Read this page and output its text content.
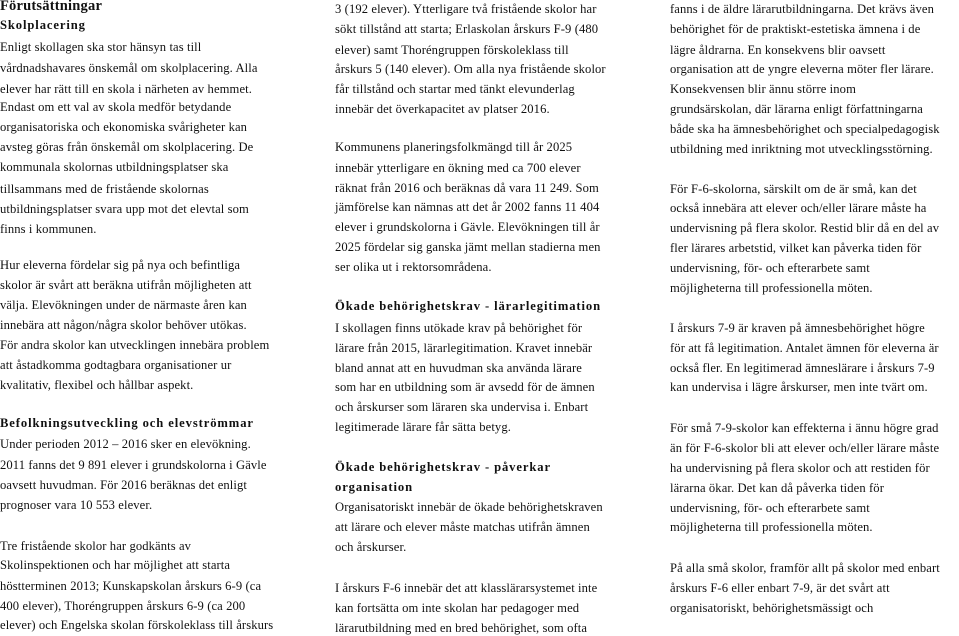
Förutsättningar
Skolplacering
Enligt skollagen ska stor hänsyn tas till
vårdnadshavares önskemål om skolplacering. Alla
elever har rätt till en skola i närheten av hemmet.
Endast om ett val av skola medför betydande
organisatoriska och ekonomiska svårigheter kan
avsteg göras från önskemål om skolplacering. De
kommunala skolornas utbildningsplatser ska
tillsammans med de fristående skolornas
utbildningsplatser svara upp mot det elevtal som
finns i kommunen.
Hur eleverna fördelar sig på nya och befintliga
skolor är svårt att beräkna utifrån möjligheten att
välja. Elevökningen under de närmaste åren kan
innebära att någon/några skolor behöver utökas.
För andra skolor kan utvecklingen innebära problem
att åstadkomma godtagbara organisationer ur
kvalitativ, flexibel och hållbar aspekt.
Befolkningsutveckling och elevströmmar
Under perioden 2012 – 2016 sker en elevökning.
2011 fanns det 9 891 elever i grundskolorna i Gävle
oavsett huvudman. För 2016 beräknas det enligt
prognoser vara 10 553 elever.
Tre fristående skolor har godkänts av
Skolinspektionen och har möjlighet att starta
höstterminen 2013; Kunskapskolan årskurs 6-9 (ca
400 elever), Thoréngruppen årskurs 6-9 (ca 200
elever) och Engelska skolan förskoleklass till årskurs
3 (192 elever). Ytterligare två fristående skolor har
sökt tillstånd att starta; Erlaskolan årskurs F-9 (480
elever) samt Thoréngruppen förskoleklass till
årskurs 5 (140 elever). Om alla nya fristående skolor
får tillstånd och startar med tänkt elevunderlag
innebär det överkapacitet av platser 2016.
Kommunens planeringsfolkmängd till år 2025
innebär ytterligare en ökning med ca 700 elever
räknat från 2016 och beräknas då vara 11 249. Som
jämförelse kan nämnas att det år 2002 fanns 11 404
elever i grundskolorna i Gävle. Elevökningen till år
2025 fördelar sig ganska jämt mellan stadierna men
ser olika ut i rektorsområdena.
Ökade behörighetskrav - lärarlegitimation
I skollagen finns utökade krav på behörighet för
lärare från 2015, lärarlegitimation. Kravet innebär
bland annat att en huvudman ska använda lärare
som har en utbildning som är avsedd för de ämnen
och årskurser som läraren ska undervisa i. Enbart
legitimerade lärare får sätta betyg.
Ökade behörighetskrav - påverkar
organisation
Organisatoriskt innebär de ökade behörighetskraven
att lärare och elever måste matchas utifrån ämnen
och årskurser.
I årskurs F-6 innebär det att klasslärarsystemet inte
kan fortsätta om inte skolan har pedagoger med
lärarutbildning med en bred behörighet, som ofta
fanns i de äldre lärarutbildningarna. Det krävs även
behörighet för de praktiskt-estetiska ämnena i de
lägre åldrarna. En konsekvens blir oavsett
organisation att de yngre eleverna möter fler lärare.
Konsekvensen blir ännu större inom
grundsärskolan, där lärarna enligt författningarna
både ska ha ämnesbehörighet och specialpedagogisk
utbildning med inriktning mot utvecklingsstörning.
För F-6-skolorna, särskilt om de är små, kan det
också innebära att elever och/eller lärare måste ha
undervisning på flera skolor. Restid blir då en del av
fler lärares arbetstid, vilket kan påverka tiden för
undervisning, för- och efterarbete samt
möjligheterna till professionella möten.
I årskurs 7-9 är kraven på ämnesbehörighet högre
för att få legitimation. Antalet ämnen för eleverna är
också fler. En legitimerad ämneslärare i årskurs 7-9
kan undervisa i lägre årskurser, men inte tvärt om.
För små 7-9-skolor kan effekterna i ännu högre grad
än för F-6-skolor bli att elever och/eller lärare måste
ha undervisning på flera skolor och att restiden för
lärarna ökar. Det kan då påverka tiden för
undervisning, för- och efterarbete samt
möjligheterna till professionella möten.
På alla små skolor, framför allt på skolor med enbart
årskurs F-6 eller enbart 7-9, är det svårt att
organisatoriskt, behörighetsmässigt och
